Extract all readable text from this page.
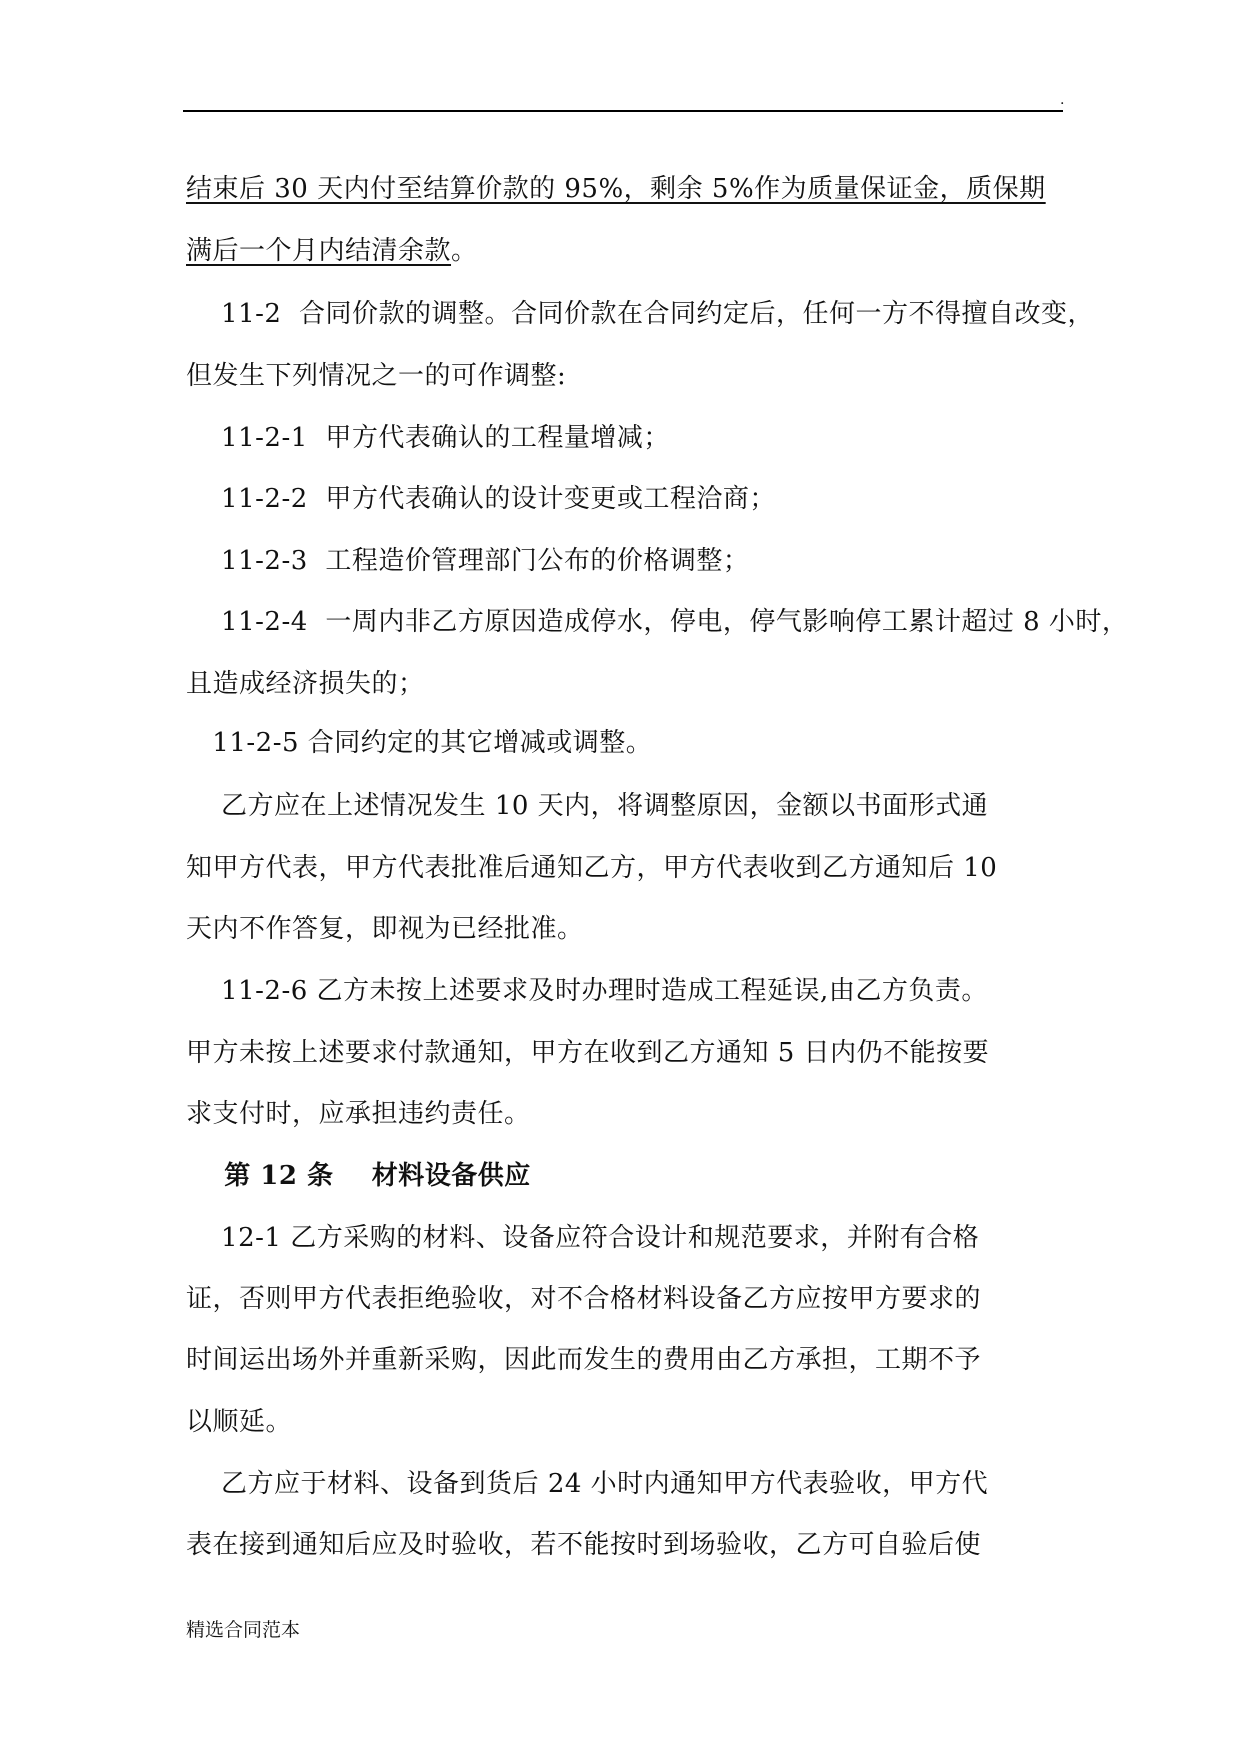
.
结束后 30 天内付至结算价款的 95%，剩余 5%作为质量保证金，质保期
满后一个月内结清余款。
11-2  合同价款的调整。合同价款在合同约定后，任何一方不得擅自改变，
但发生下列情况之一的可作调整:
11-2-1  甲方代表确认的工程量增减；
11-2-2  甲方代表确认的设计变更或工程洽商；
11-2-3  工程造价管理部门公布的价格调整；
11-2-4  一周内非乙方原因造成停水，停电，停气影响停工累计超过 8 小时，
且造成经济损失的；
11-2-5 合同约定的其它增减或调整。
乙方应在上述情况发生 10 天内，将调整原因，金额以书面形式通
知甲方代表，甲方代表批准后通知乙方，甲方代表收到乙方通知后 10
天内不作答复，即视为已经批准。
11-2-6 乙方未按上述要求及时办理时造成工程延误,由乙方负责。
甲方未按上述要求付款通知，甲方在收到乙方通知 5 日内仍不能按要
求支付时，应承担违约责任。
第 12 条    材料设备供应
12-1 乙方采购的材料、设备应符合设计和规范要求，并附有合格
证，否则甲方代表拒绝验收，对不合格材料设备乙方应按甲方要求的
时间运出场外并重新采购，因此而发生的费用由乙方承担，工期不予
以顺延。
乙方应于材料、设备到货后 24 小时内通知甲方代表验收，甲方代
表在接到通知后应及时验收，若不能按时到场验收，乙方可自验后使
精选合同范本
